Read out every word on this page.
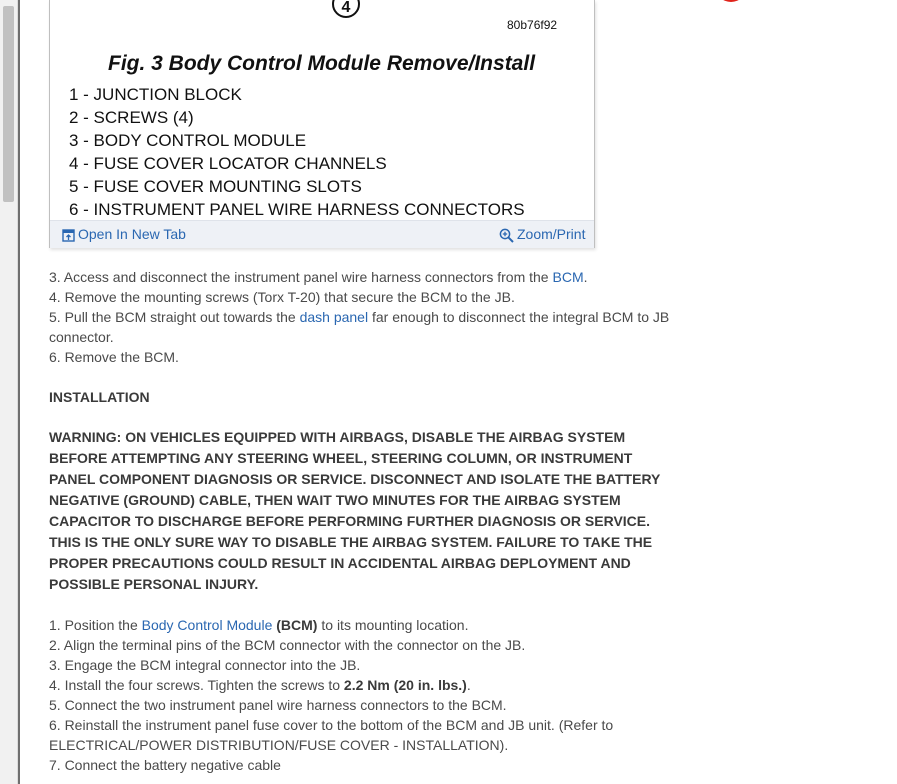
4
80b76f92
Fig. 3 Body Control Module Remove/Install
1 - JUNCTION BLOCK
2 - SCREWS (4)
3 - BODY CONTROL MODULE
4 - FUSE COVER LOCATOR CHANNELS
5 - FUSE COVER MOUNTING SLOTS
6 - INSTRUMENT PANEL WIRE HARNESS CONNECTORS
Open In New Tab	Zoom/Print
3. Access and disconnect the instrument panel wire harness connectors from the BCM.
4. Remove the mounting screws (Torx T-20) that secure the BCM to the JB.
5. Pull the BCM straight out towards the dash panel far enough to disconnect the integral BCM to JB connector.
6. Remove the BCM.

INSTALLATION

WARNING: ON VEHICLES EQUIPPED WITH AIRBAGS, DISABLE THE AIRBAG SYSTEM BEFORE ATTEMPTING ANY STEERING WHEEL, STEERING COLUMN, OR INSTRUMENT PANEL COMPONENT DIAGNOSIS OR SERVICE. DISCONNECT AND ISOLATE THE BATTERY NEGATIVE (GROUND) CABLE, THEN WAIT TWO MINUTES FOR THE AIRBAG SYSTEM CAPACITOR TO DISCHARGE BEFORE PERFORMING FURTHER DIAGNOSIS OR SERVICE. THIS IS THE ONLY SURE WAY TO DISABLE THE AIRBAG SYSTEM. FAILURE TO TAKE THE PROPER PRECAUTIONS COULD RESULT IN ACCIDENTAL AIRBAG DEPLOYMENT AND POSSIBLE PERSONAL INJURY.

1. Position the Body Control Module (BCM) to its mounting location.
2. Align the terminal pins of the BCM connector with the connector on the JB.
3. Engage the BCM integral connector into the JB.
4. Install the four screws. Tighten the screws to 2.2 Nm (20 in. lbs.).
5. Connect the two instrument panel wire harness connectors to the BCM.
6. Reinstall the instrument panel fuse cover to the bottom of the BCM and JB unit. (Refer to ELECTRICAL/POWER DISTRIBUTION/FUSE COVER - INSTALLATION).
7. Connect the battery negative cable
